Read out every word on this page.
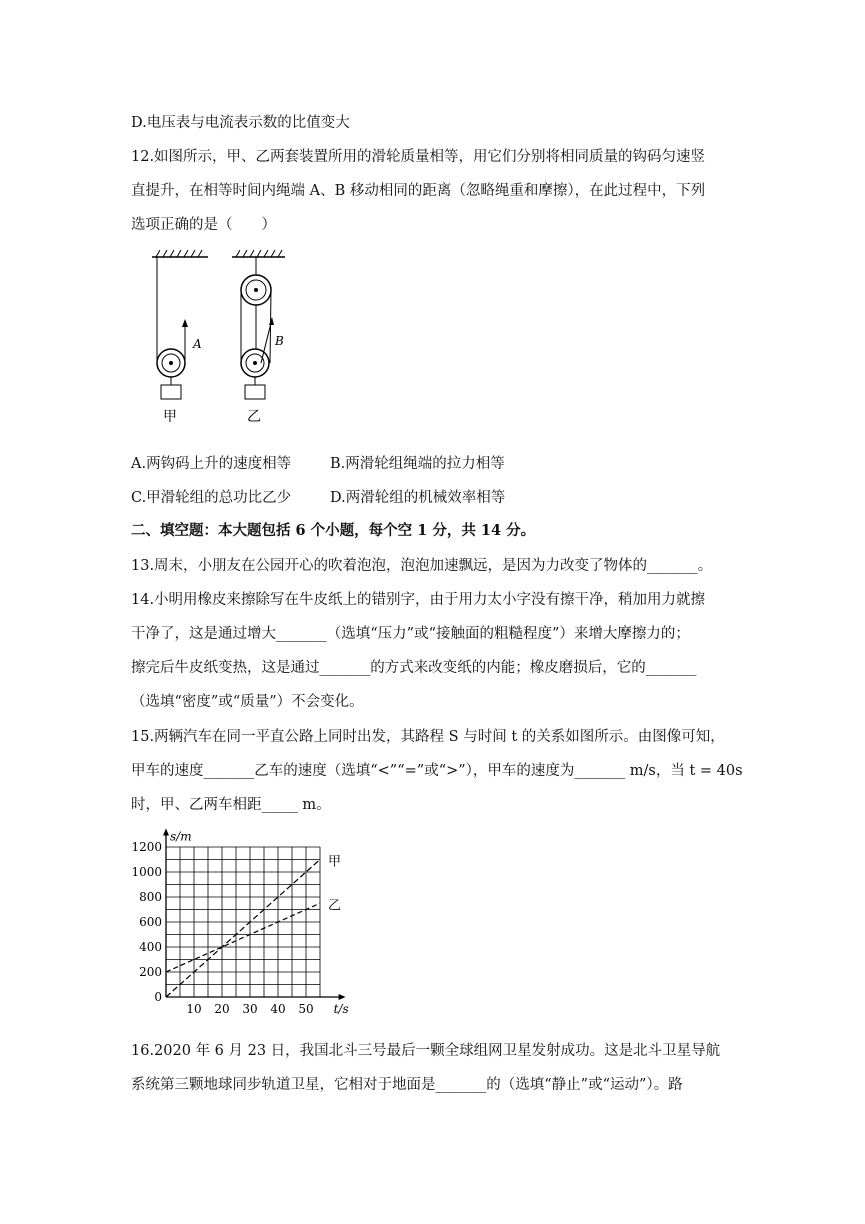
D.电压表与电流表示数的比值变大
12.如图所示，甲、乙两套装置所用的滑轮质量相等，用它们分别将相同质量的钩码匀速竖
直提升，在相等时间内绳端 A、B 移动相同的距离（忽略绳重和摩擦），在此过程中，下列
选项正确的是（　　）
A
甲
B
乙
A.两钩码上升的速度相等	B.两滑轮组绳端的拉力相等
C.甲滑轮组的总功比乙少	D.两滑轮组的机械效率相等
二、填空题：本大题包括 6 个小题，每个空 1 分，共 14 分。
13.周末，小朋友在公园开心的吹着泡泡，泡泡加速飘远，是因为力改变了物体的_______。
14.小明用橡皮来擦除写在牛皮纸上的错别字，由于用力太小字没有擦干净，稍加用力就擦
干净了，这是通过增大_______（选填“压力”或“接触面的粗糙程度”）来增大摩擦力的；
擦完后牛皮纸变热，这是通过_______的方式来改变纸的内能；橡皮磨损后，它的_______
（选填“密度”或“质量”）不会变化。
15.两辆汽车在同一平直公路上同时出发，其路程 S 与时间 t 的关系如图所示。由图像可知，
甲车的速度_______乙车的速度（选填“<”“=”或“>”），甲车的速度为_______ m/s，当 t = 40s
时，甲、乙两车相距_____ m。
10 20 30 40 50
0
200
400
600
800
1000
1200
t/s
s/m
甲
乙
16.2020 年 6 月 23 日，我国北斗三号最后一颗全球组网卫星发射成功。这是北斗卫星导航
系统第三颗地球同步轨道卫星，它相对于地面是_______的（选填“静止”或“运动”）。路
